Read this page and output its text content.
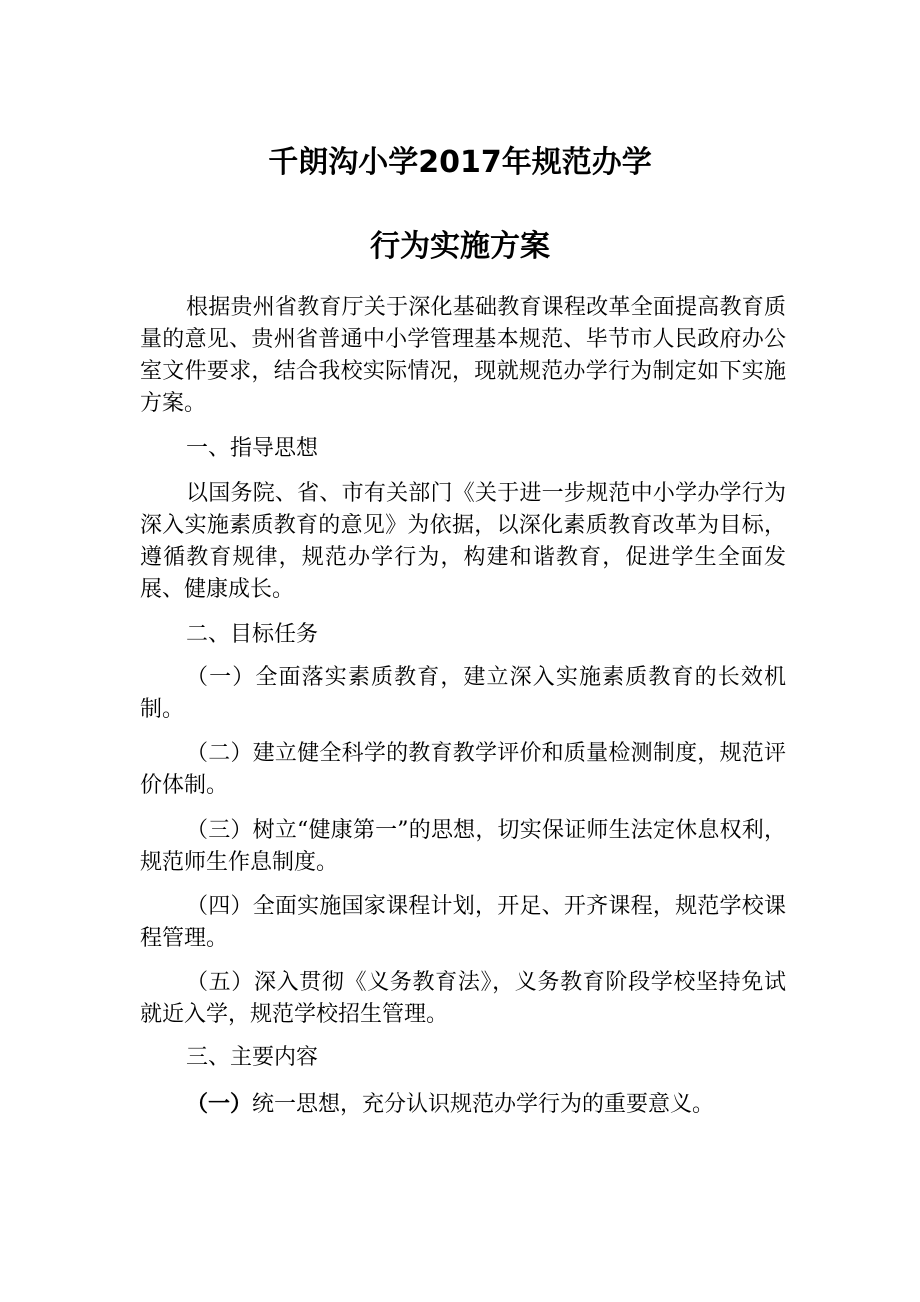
千朗沟小学2017年规范办学
行为实施方案

根据贵州省教育厅关于深化基础教育课程改革全面提高教育质量的意见、贵州省普通中小学管理基本规范、毕节市人民政府办公室文件要求，结合我校实际情况，现就规范办学行为制定如下实施方案。

一、指导思想

以国务院、省、市有关部门《关于进一步规范中小学办学行为深入实施素质教育的意见》为依据，以深化素质教育改革为目标，遵循教育规律，规范办学行为，构建和谐教育，促进学生全面发展、健康成长。

二、目标任务

（一）全面落实素质教育，建立深入实施素质教育的长效机制。

（二）建立健全科学的教育教学评价和质量检测制度，规范评价体制。

（三）树立“健康第一”的思想，切实保证师生法定休息权利，规范师生作息制度。

（四）全面实施国家课程计划，开足、开齐课程，规范学校课程管理。

（五）深入贯彻《义务教育法》，义务教育阶段学校坚持免试就近入学，规范学校招生管理。

三、主要内容

（一）统一思想，充分认识规范办学行为的重要意义。
